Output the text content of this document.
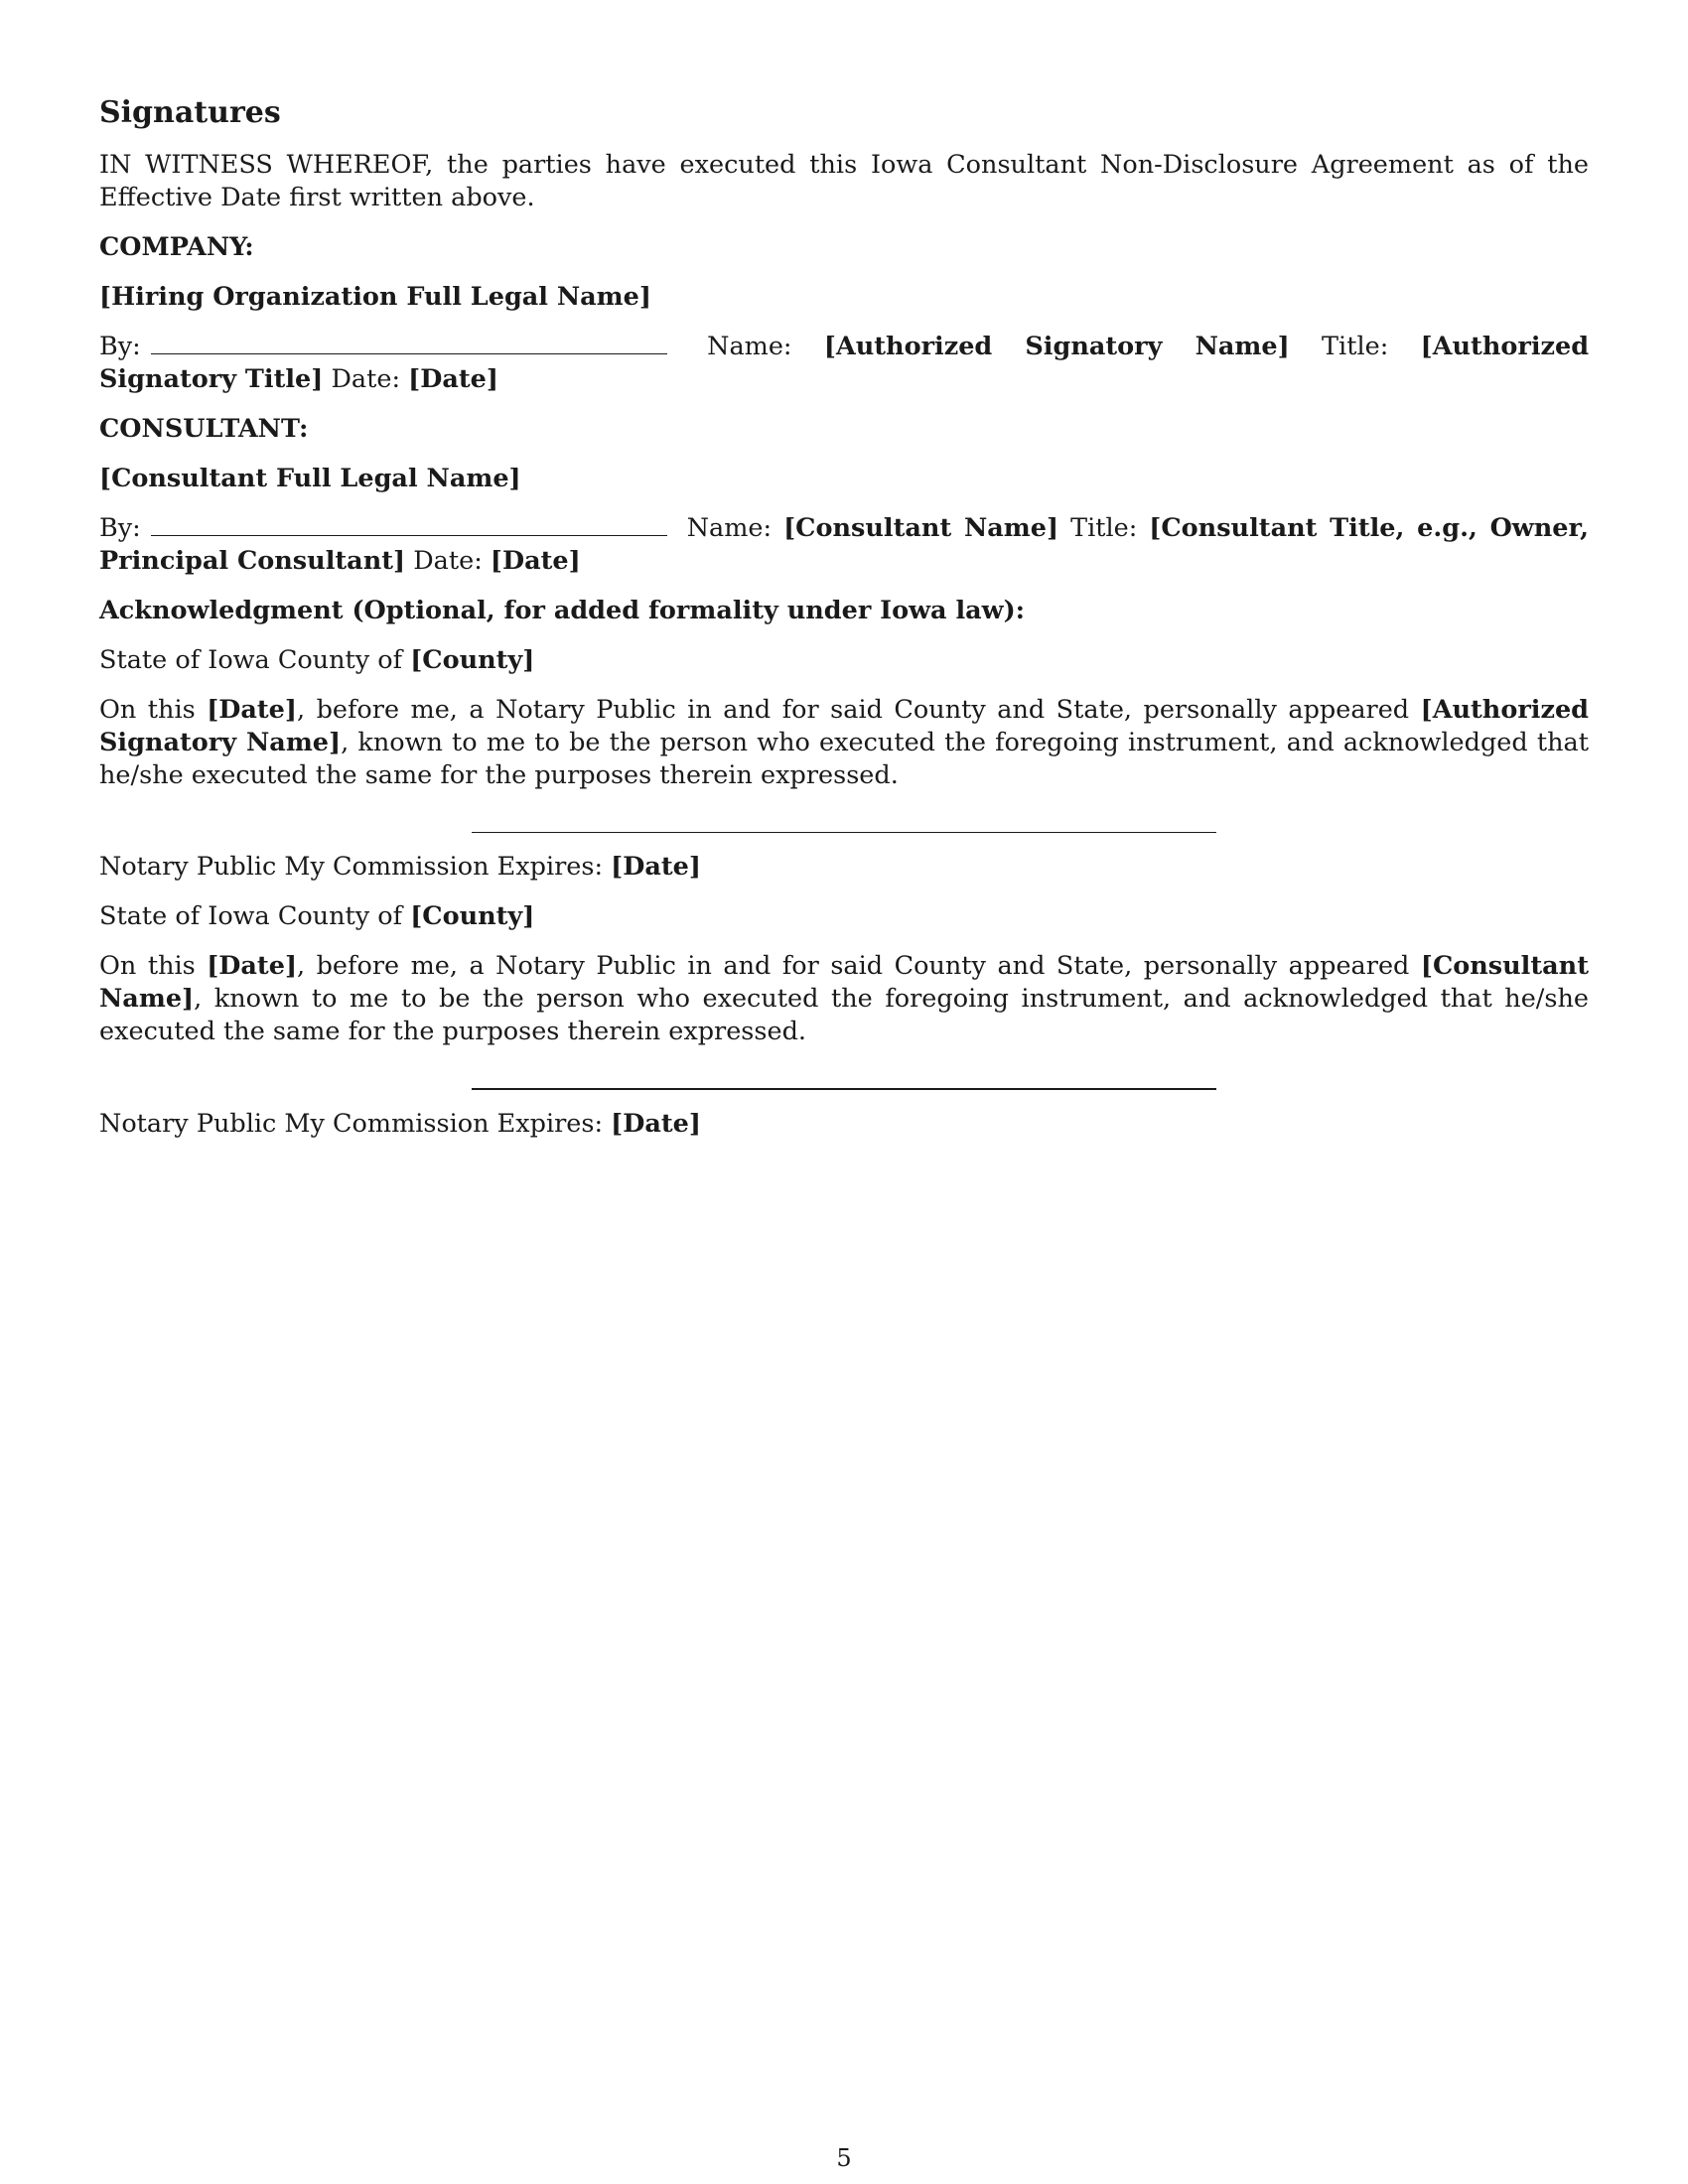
Signatures

IN WITNESS WHEREOF, the parties have executed this Iowa Consultant Non-Disclosure Agreement as of the Effective Date first written above.

COMPANY:

[Hiring Organization Full Legal Name]

By:	Name: [Authorized Signatory Name] Title: [Authorized Signatory Title] Date: [Date]

CONSULTANT:

[Consultant Full Legal Name]

By:	Name: [Consultant Name] Title: [Consultant Title, e.g., Owner, Principal Consultant] Date: [Date]

Acknowledgment (Optional, for added formality under Iowa law):

State of Iowa County of [County]

On this [Date], before me, a Notary Public in and for said County and State, personally appeared [Authorized Signatory Name], known to me to be the person who executed the foregoing instrument, and acknowledged that he/she executed the same for the purposes therein expressed.

Notary Public My Commission Expires: [Date]

State of Iowa County of [County]

On this [Date], before me, a Notary Public in and for said County and State, personally appeared [Consultant Name], known to me to be the person who executed the foregoing instrument, and acknowledged that he/she executed the same for the purposes therein expressed.

Notary Public My Commission Expires: [Date]

5
